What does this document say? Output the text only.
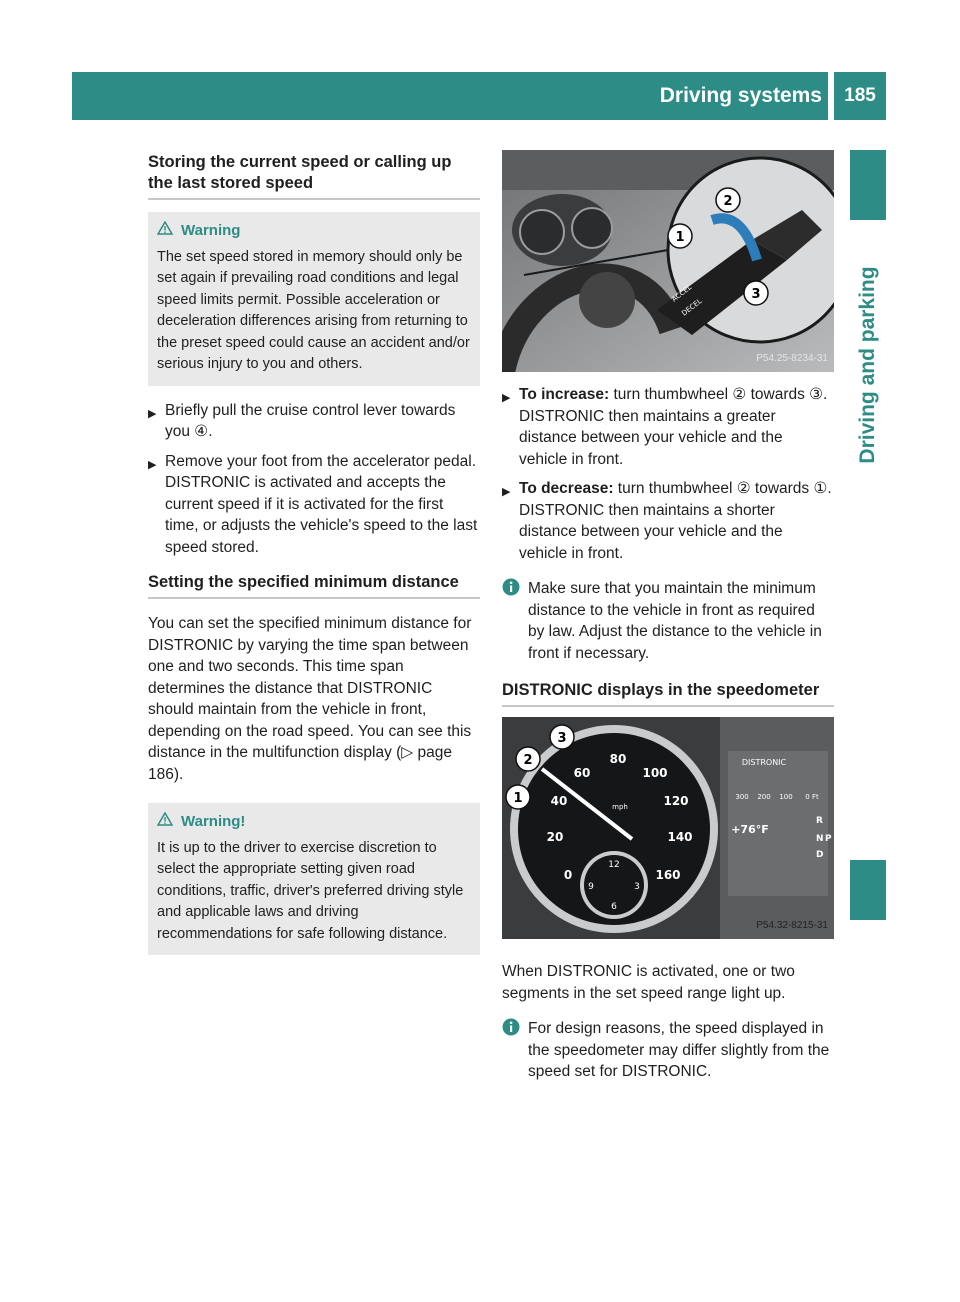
Driving systems	185
Driving and parking
Storing the current speed or calling up the last stored speed
Warning
The set speed stored in memory should only be set again if prevailing road conditions and legal speed limits permit. Possible acceleration or deceleration differences arising from returning to the preset speed could cause an accident and/or serious injury to you and others.
▶ Briefly pull the cruise control lever towards you ④.
▶ Remove your foot from the accelerator pedal.
DISTRONIC is activated and accepts the current speed if it is activated for the first time, or adjusts the vehicle's speed to the last speed stored.
Setting the specified minimum distance

You can set the specified minimum distance for DISTRONIC by varying the time span between one and two seconds. This time span determines the distance that DISTRONIC should maintain from the vehicle in front, depending on the road speed. You can see this distance in the multifunction display (▷ page 186).

Warning!
It is up to the driver to exercise discretion to select the appropriate setting given road conditions, traffic, driver's preferred driving style and applicable laws and driving recommendations for safe following distance.
ACCEL
DECEL
1
2
3
P54.25-8234-31
▶ To increase: turn thumbwheel ② towards ③.
DISTRONIC then maintains a greater distance between your vehicle and the vehicle in front.
▶ To decrease: turn thumbwheel ② towards ①.
DISTRONIC then maintains a shorter distance between your vehicle and the vehicle in front.
Make sure that you maintain the minimum distance to the vehicle in front as required by law. Adjust the distance to the vehicle in front if necessary.
DISTRONIC displays in the speedometer
0
20
40
60
80
100
120
140
160
mph
12
3
6
9
DISTRONIC
300 200 100 0 Ft
+76°F
R
N
D
P
1
2
3
P54.32-8215-31

When DISTRONIC is activated, one or two segments in the set speed range light up.

For design reasons, the speed displayed in the speedometer may differ slightly from the speed set for DISTRONIC.
